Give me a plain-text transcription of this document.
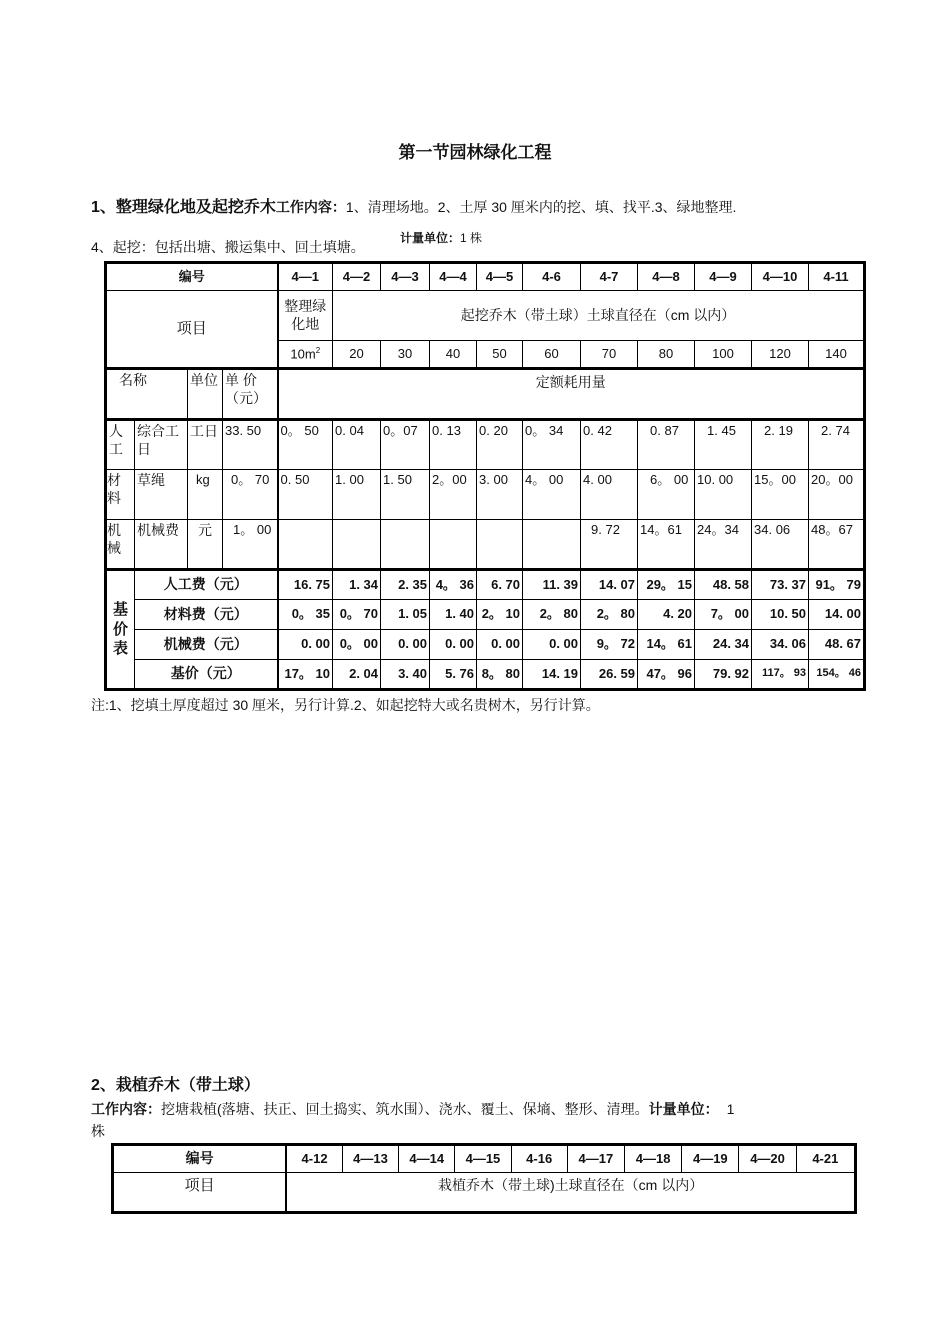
第一节园林绿化工程
1、整理绿化地及起挖乔木工作内容：1、清理场地。2、土厚 30 厘米内的挖、填、找平.3、绿地整理.
4、起挖：包括出塘、搬运集中、回土填塘。
计量单位：1 株
编号				4—1	4—2	4—3	4—4	4—5	4-6	4-7	4—8	4—9	4—10	4-11
项目				整理绿化地	起挖乔木（带土球）土球直径在（cm 以内）									
				$10m^2$	20	30	40	50	60	70	80	100	120	140
名称		单位	单 价（元）	定额耗用量										
人工	综合工日	工日	33. 50	0。 50	0. 04	0。07	0. 13	0. 20	0。 34	0. 42	0. 87	1. 45	2. 19	2. 74
材料	草绳	kg	0。 70	0. 50	1. 00	1. 50	2。00	3. 00	4。 00	4. 00	6。 00	10. 00	15。00	20。00
机械	机械费	元	1。 00							9. 72	14。61	24。34	34. 06	48。67
基价表	人工费（元）			16. 75	1. 34	2. 35	4。 36	6. 70	11. 39	14. 07	29。 15	48. 58	73. 37	91。 79
	材料费（元）			0。 35	0。 70	1. 05	1. 40	2。 10	2。 80	2。 80	4. 20	7。 00	10. 50	14. 00
	机械费（元）			0. 00	0。 00	0. 00	0. 00	0. 00	0. 00	9。 72	14。 61	24. 34	34. 06	48. 67
	基价（元）			17。 10	2. 04	3. 40	5. 76	8。 80	14. 19	26. 59	47。 96	79. 92	117。 93	154。 46
注:1、挖填土厚度超过 30 厘米，另行计算.2、如起挖特大或名贵树木，另行计算。
2、栽植乔木（带土球）
工作内容：挖塘栽植(落塘、扶正、回土捣实、筑水围）、浇水、覆土、保墒、整形、清理。计量单位： 1
株
编号	4-12	4—13	4—14	4—15	4-16	4—17	4—18	4—19	4—20	4-21
项目	栽植乔木（带土球)土球直径在（cm 以内）									
